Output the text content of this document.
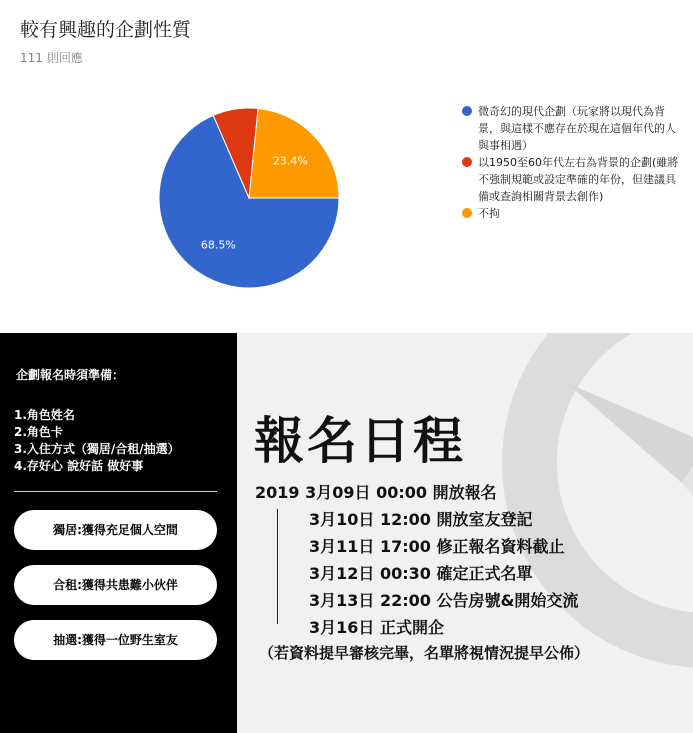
較有興趣的企劃性質
111 則回應
23.4%
68.5%
微奇幻的現代企劃（玩家將以現代為背景，與這樣不應存在於現在這個年代的人與事相遇）
以1950至60年代左右為背景的企劃(雖將不強制規範或設定準確的年份，但建議具備或查詢相關背景去創作)
不拘
企劃報名時須準備：
1.角色姓名
2.角色卡
3.入住方式（獨居/合租/抽選）
4.存好心 說好話 做好事
獨居:獲得充足個人空間
合租:獲得共患難小伙伴
抽選:獲得一位野生室友
報名日程
2019 3月09日 00:00 開放報名
3月10日 12:00 開放室友登記
3月11日 17:00 修正報名資料截止
3月12日 00:30 確定正式名單
3月13日 22:00 公告房號&開始交流
3月16日 正式開企
（若資料提早審核完畢，名單將視情況提早公佈）
